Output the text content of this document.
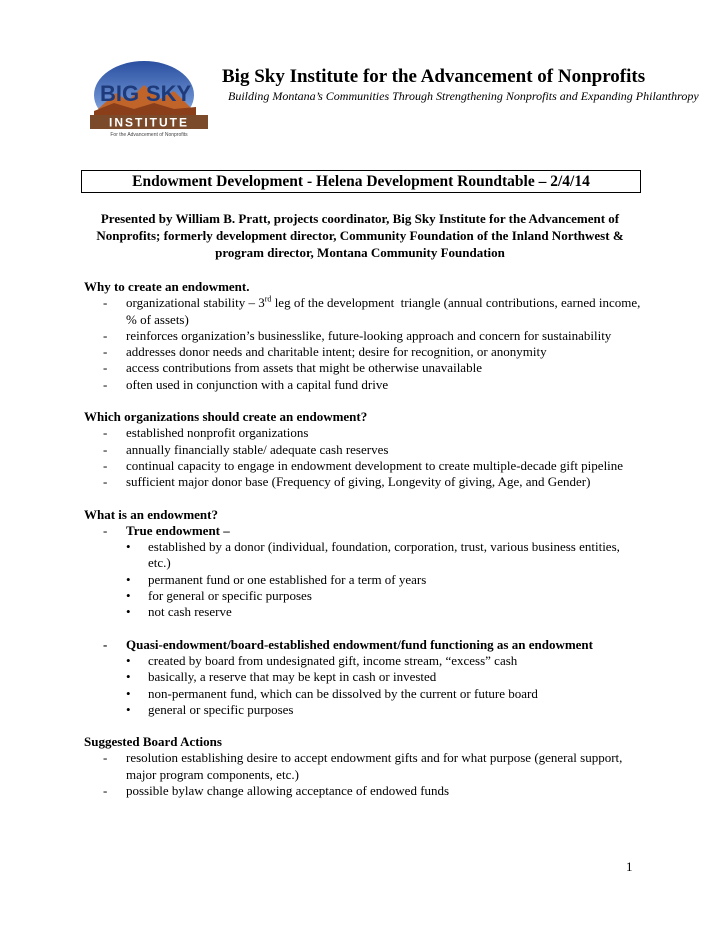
BIG SKY
INSTITUTE
For the Advancement of Nonprofits
Big Sky Institute for the Advancement of Nonprofits
Building Montana’s Communities Through Strengthening Nonprofits and Expanding Philanthropy
Endowment Development - Helena Development Roundtable – 2/4/14
Presented by William B. Pratt, projects coordinator, Big Sky Institute for the Advancement of Nonprofits; formerly development director, Community Foundation of the Inland Northwest & program director, Montana Community Foundation
Why to create an endowment.
-	organizational stability – 3rd leg of the development  triangle (annual contributions, earned income, % of assets)
-	reinforces organization’s businesslike, future-looking approach and concern for sustainability
-	addresses donor needs and charitable intent; desire for recognition, or anonymity
-	access contributions from assets that might be otherwise unavailable
-	often used in conjunction with a capital fund drive
Which organizations should create an endowment?
-	established nonprofit organizations
-	annually financially stable/ adequate cash reserves
-	continual capacity to engage in endowment development to create multiple-decade gift pipeline
-	sufficient major donor base (Frequency of giving, Longevity of giving, Age, and Gender)
What is an endowment?
-	True endowment –
•	established by a donor (individual, foundation, corporation, trust, various business entities, etc.)
•	permanent fund or one established for a term of years
•	for general or specific purposes
•	not cash reserve
-	Quasi-endowment/board-established endowment/fund functioning as an endowment
•	created by board from undesignated gift, income stream, “excess” cash
•	basically, a reserve that may be kept in cash or invested
•	non-permanent fund, which can be dissolved by the current or future board
•	general or specific purposes
Suggested Board Actions
-	resolution establishing desire to accept endowment gifts and for what purpose (general support, major program components, etc.)
-	possible bylaw change allowing acceptance of endowed funds
1
